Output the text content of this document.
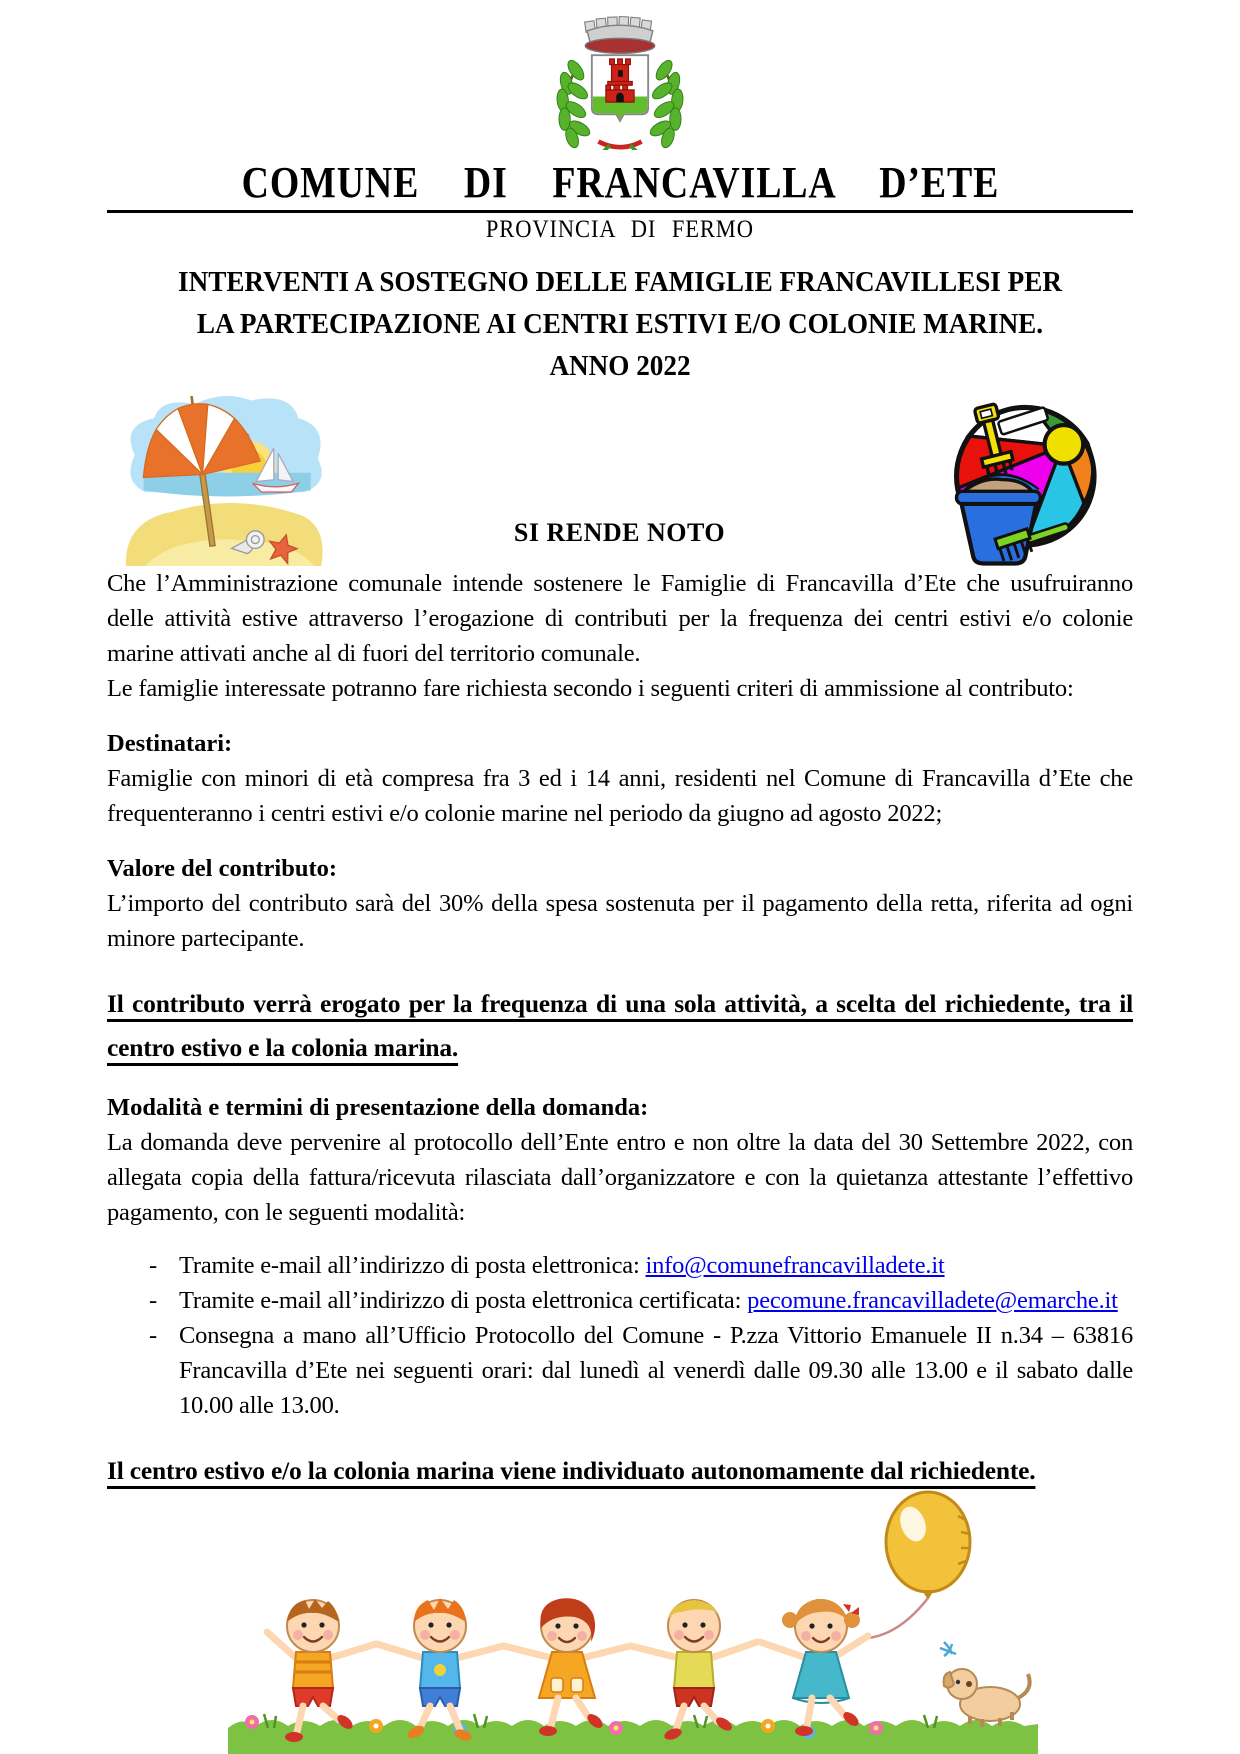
COMUNE DI FRANCAVILLA D’ETE
PROVINCIA DI FERMO
INTERVENTI A SOSTEGNO DELLE FAMIGLIE FRANCAVILLESI PER
LA PARTECIPAZIONE AI CENTRI ESTIVI E/O COLONIE MARINE.
ANNO 2022
SI RENDE NOTO

Che l’Amministrazione comunale intende sostenere le Famiglie di Francavilla d’Ete che usufruiranno delle attività estive attraverso l’erogazione di contributi per la frequenza dei centri estivi e/o colonie marine attivati anche al di fuori del territorio comunale.

Le famiglie interessate potranno fare richiesta secondo i seguenti criteri di ammissione al contributo:

Destinatari:
Famiglie con minori di età compresa fra 3 ed i 14 anni, residenti nel Comune di Francavilla d’Ete che frequenteranno i centri estivi e/o colonie marine nel periodo da giugno ad agosto 2022;
Valore del contributo:
L’importo del contributo sarà del 30% della spesa sostenuta per il pagamento della retta, riferita ad ogni minore partecipante.
Il contributo verrà erogato per la frequenza di una sola attività, a scelta del richiedente, tra il centro estivo e la colonia marina.
Modalità e termini di presentazione della domanda:
La domanda deve pervenire al protocollo dell’Ente entro e non oltre la data del 30 Settembre 2022, con allegata copia della fattura/ricevuta rilasciata dall’organizzatore e con la quietanza attestante l’effettivo pagamento, con le seguenti modalità:
- Tramite e-mail all’indirizzo di posta elettronica: info@comunefrancavilladete.it
- Tramite e-mail all’indirizzo di posta elettronica certificata: pecomune.francavilladete@emarche.it
- Consegna a mano all’Ufficio Protocollo del Comune - P.zza Vittorio Emanuele II n.34 – 63816 Francavilla d’Ete nei seguenti orari: dal lunedì al venerdì dalle 09.30 alle 13.00 e il sabato dalle 10.00 alle 13.00.
Il centro estivo e/o la colonia marina viene individuato autonomamente dal richiedente.
